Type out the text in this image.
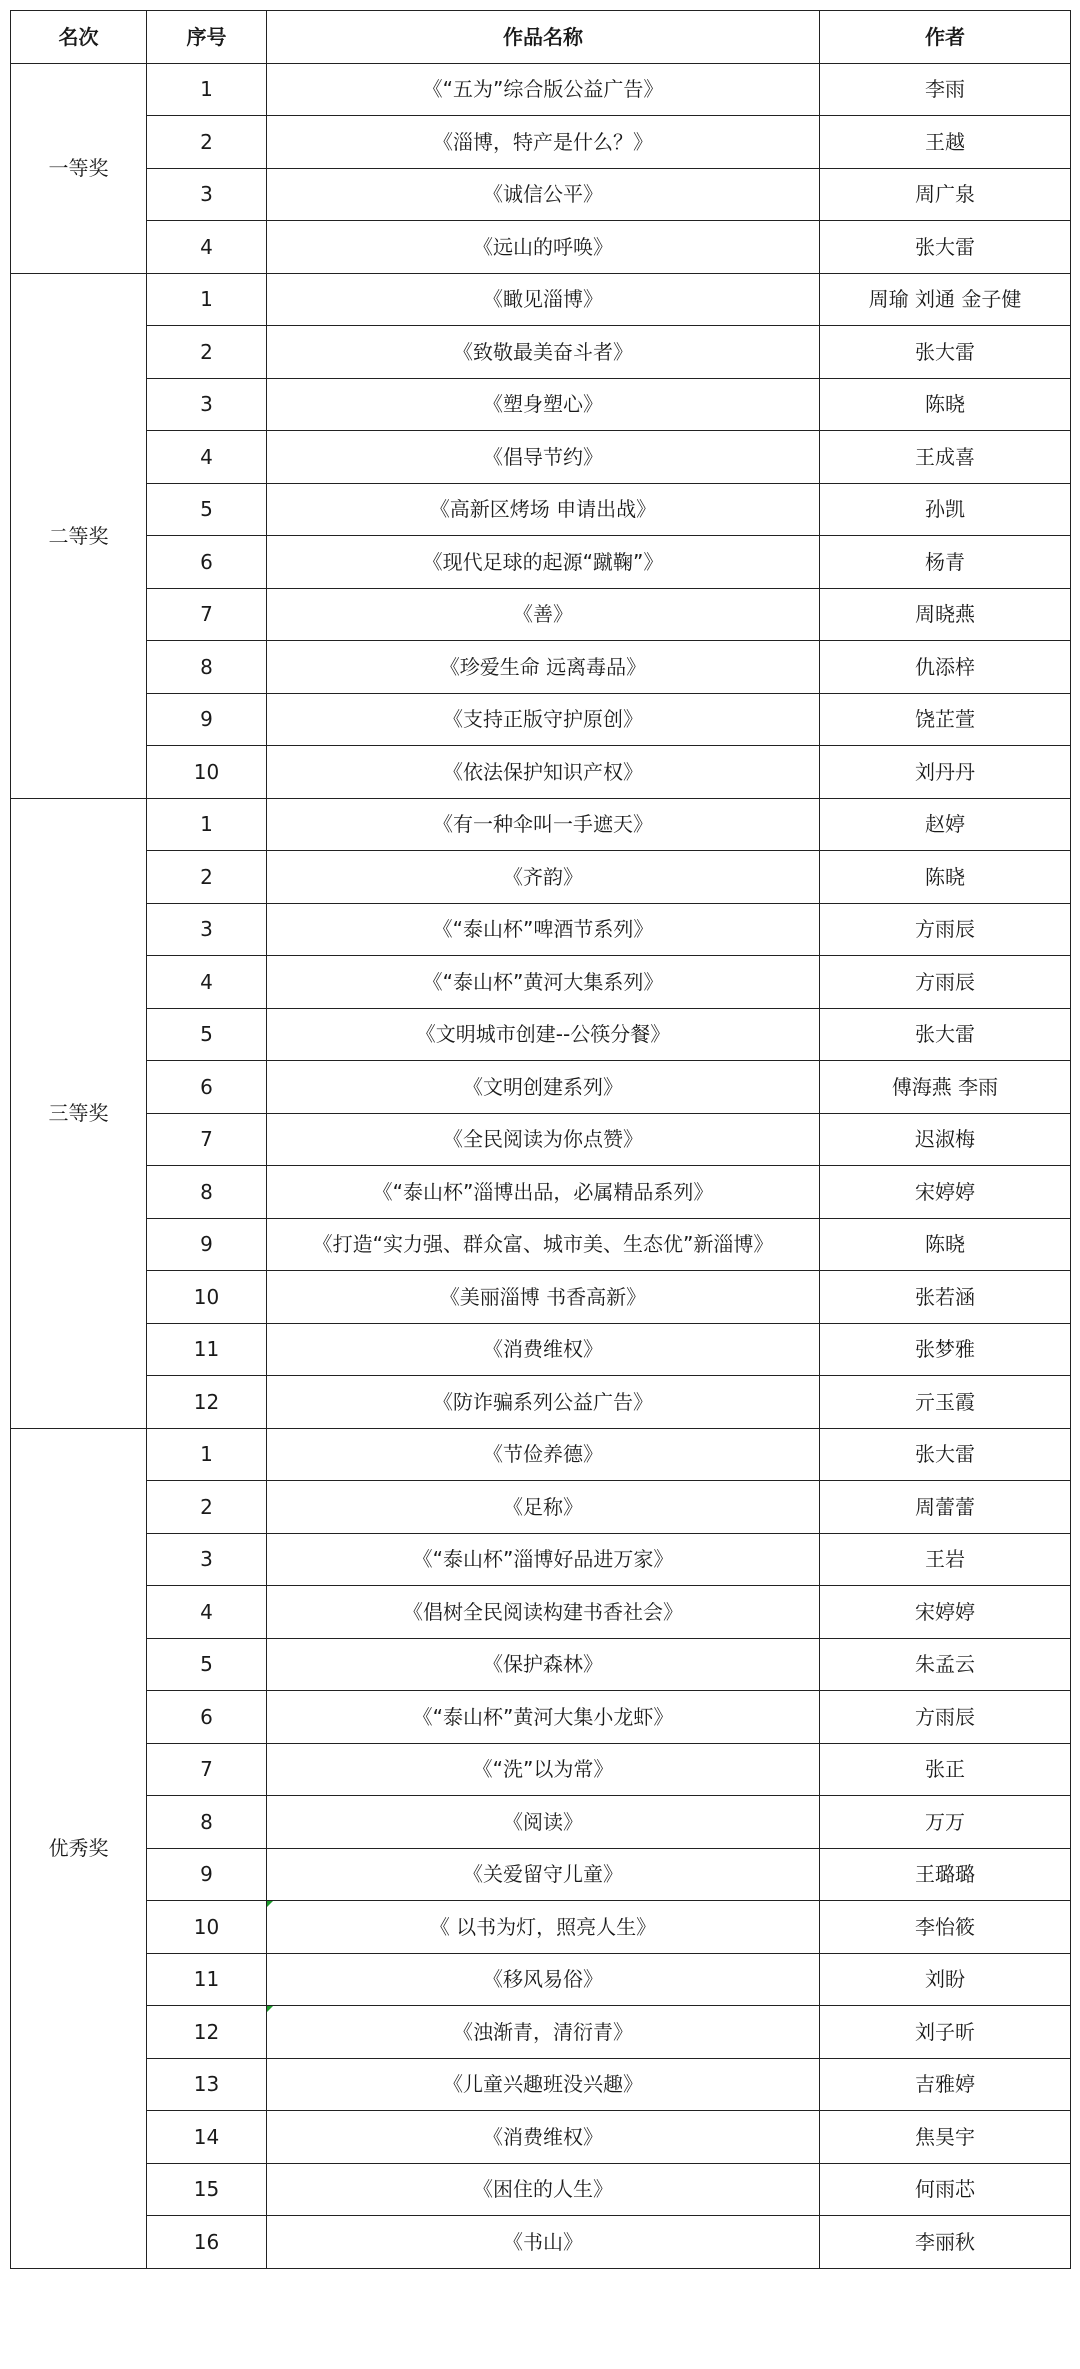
名次	序号	作品名称	作者
一等奖	1	《“五为”综合版公益广告》	李雨
	2	《淄博，特产是什么？》	王越
	3	《诚信公平》	周广泉
	4	《远山的呼唤》	张大雷
二等奖	1	《瞰见淄博》	周瑜 刘通 金子健
	2	《致敬最美奋斗者》	张大雷
	3	《塑身塑心》	陈晓
	4	《倡导节约》	王成喜
	5	《高新区烤场 申请出战》	孙凯
	6	《现代足球的起源“蹴鞠”》	杨青
	7	《善》	周晓燕
	8	《珍爱生命 远离毒品》	仇添梓
	9	《支持正版守护原创》	饶芷萱
	10	《依法保护知识产权》	刘丹丹
三等奖	1	《有一种伞叫一手遮天》	赵婷
	2	《齐韵》	陈晓
	3	《“泰山杯”啤酒节系列》	方雨辰
	4	《“泰山杯”黄河大集系列》	方雨辰
	5	《文明城市创建--公筷分餐》	张大雷
	6	《文明创建系列》	傅海燕 李雨
	7	《全民阅读为你点赞》	迟淑梅
	8	《“泰山杯”淄博出品，必属精品系列》	宋婷婷
	9	《打造“实力强、群众富、城市美、生态优”新淄博》	陈晓
	10	《美丽淄博 书香高新》	张若涵
	11	《消费维权》	张梦雅
	12	《防诈骗系列公益广告》	亓玉霞
优秀奖	1	《节俭养德》	张大雷
	2	《足称》	周蕾蕾
	3	《“泰山杯”淄博好品进万家》	王岩
	4	《倡树全民阅读构建书香社会》	宋婷婷
	5	《保护森林》	朱孟云
	6	《“泰山杯”黄河大集小龙虾》	方雨辰
	7	《“洗”以为常》	张正
	8	《阅读》	万万
	9	《关爱留守儿童》	王璐璐
	10	《 以书为灯，照亮人生》	李怡筱
	11	《移风易俗》	刘盼
	12	《浊渐青，清衍青》	刘子昕
	13	《儿童兴趣班没兴趣》	吉雅婷
	14	《消费维权》	焦昊宇
	15	《困住的人生》	何雨芯
	16	《书山》	李丽秋
